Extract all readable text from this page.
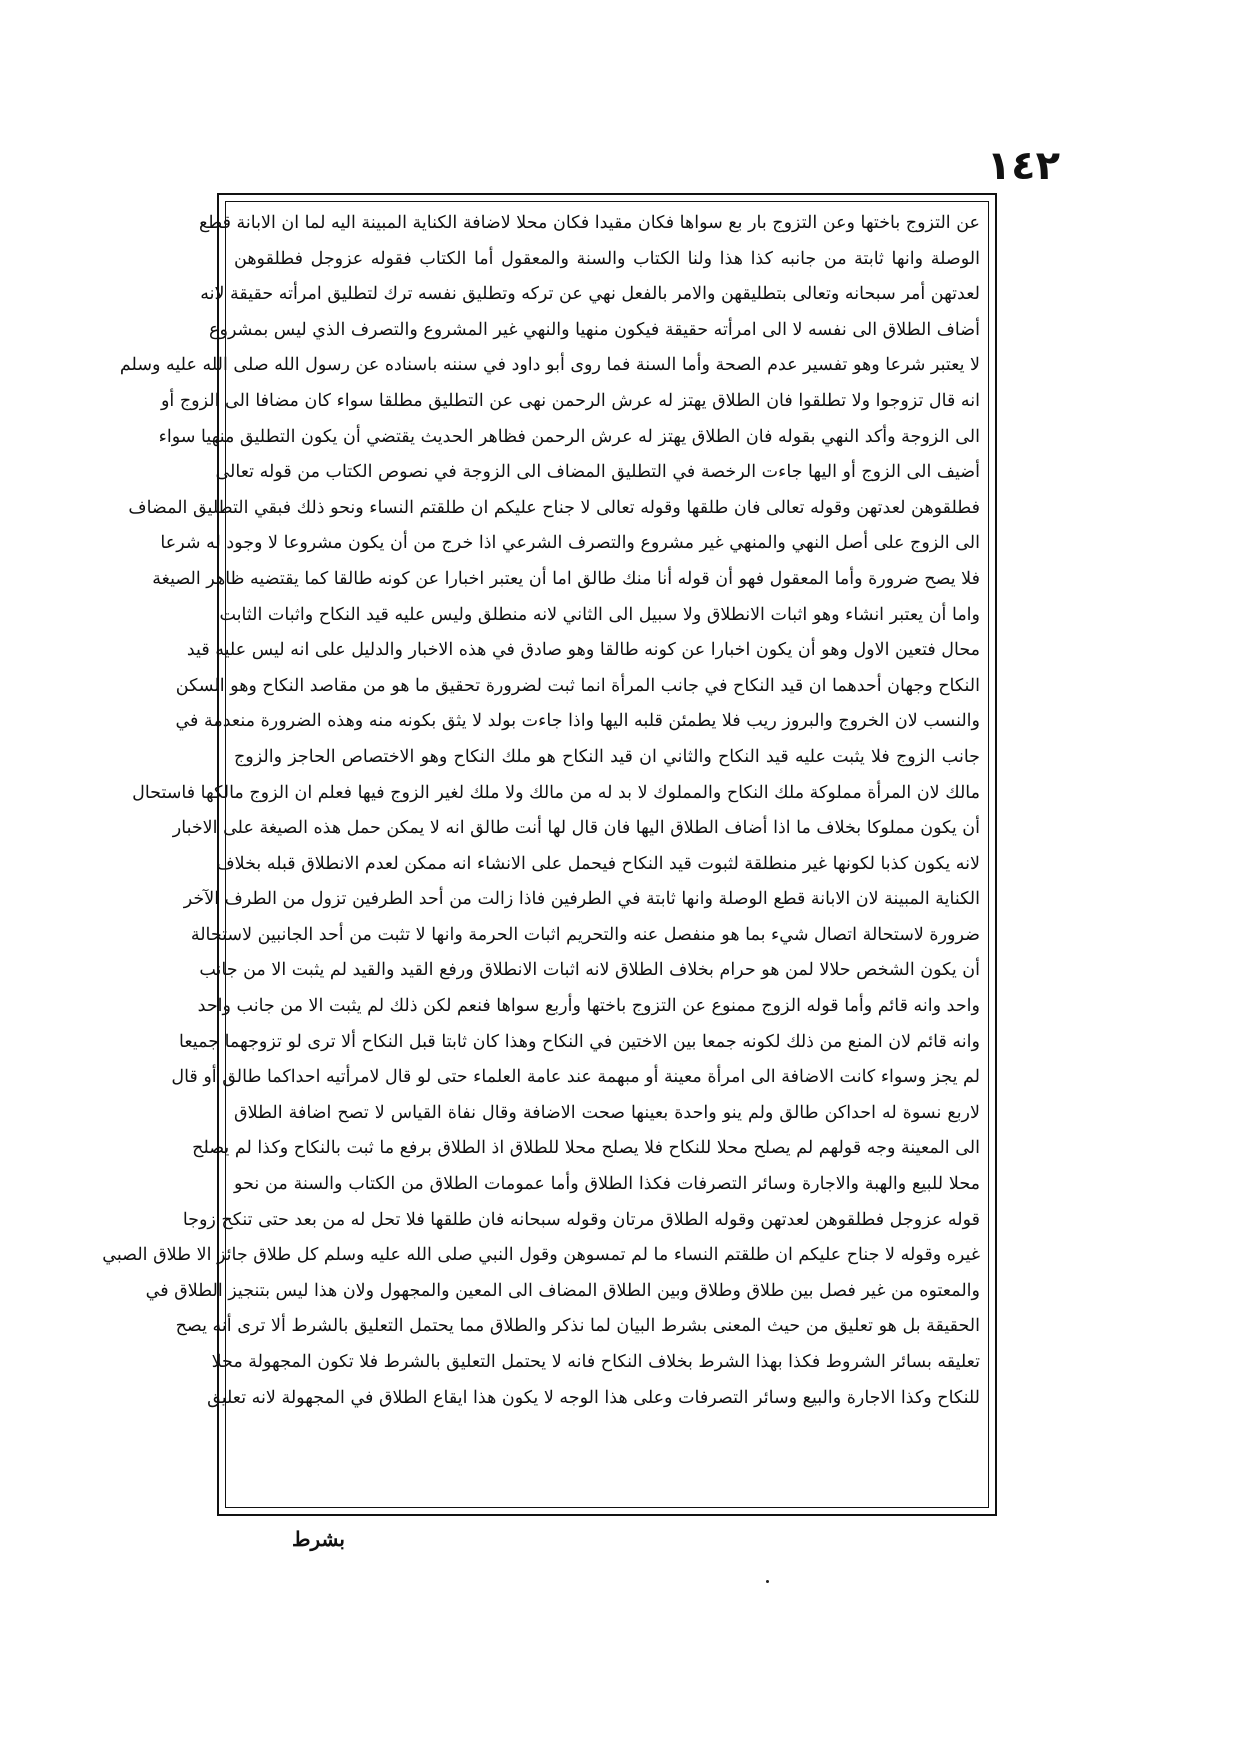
١٤٢
عن التزوج باختها وعن التزوج بار بع سواها فكان مقيدا فكان محلا لاضافة الكناية المبينة اليه لما ان الابانة قطع
الوصلة وانها ثابتة من جانبه كذا هذا ولنا الكتاب والسنة والمعقول أما الكتاب فقوله عزوجل فطلقوهن
لعدتهن أمر سبحانه وتعالى بتطليقهن والامر بالفعل نهي عن تركه وتطليق نفسه ترك لتطليق امرأته حقيقة لانه
أضاف الطلاق الى نفسه لا الى امرأته حقيقة فيكون منهيا والنهي غير المشروع والتصرف الذي ليس بمشروع
لا يعتبر شرعا وهو تفسير عدم الصحة وأما السنة فما روى أبو داود في سننه باسناده عن رسول الله صلى الله عليه وسلم
انه قال تزوجوا ولا تطلقوا فان الطلاق يهتز له عرش الرحمن نهى عن التطليق مطلقا سواء كان مضافا الى الزوج أو
الى الزوجة وأكد النهي بقوله فان الطلاق يهتز له عرش الرحمن فظاهر الحديث يقتضي أن يكون التطليق منهيا سواء
أضيف الى الزوج أو اليها جاءت الرخصة في التطليق المضاف الى الزوجة في نصوص الكتاب من قوله تعالى
فطلقوهن لعدتهن وقوله تعالى فان طلقها وقوله تعالى لا جناح عليكم ان طلقتم النساء ونحو ذلك فبقي التطليق المضاف
الى الزوج على أصل النهي والمنهي غير مشروع والتصرف الشرعي اذا خرج من أن يكون مشروعا لا وجود له شرعا
فلا يصح ضرورة وأما المعقول فهو أن قوله أنا منك طالق اما أن يعتبر اخبارا عن كونه طالقا كما يقتضيه ظاهر الصيغة
واما أن يعتبر انشاء وهو اثبات الانطلاق ولا سبيل الى الثاني لانه منطلق وليس عليه قيد النكاح واثبات الثابت
محال فتعين الاول وهو أن يكون اخبارا عن كونه طالقا وهو صادق في هذه الاخبار والدليل على انه ليس عليه قيد
النكاح وجهان أحدهما ان قيد النكاح في جانب المرأة انما ثبت لضرورة تحقيق ما هو من مقاصد النكاح وهو السكن
والنسب لان الخروج والبروز ريب فلا يطمئن قلبه اليها واذا جاءت بولد لا يثق بكونه منه وهذه الضرورة منعدمة في
جانب الزوج فلا يثبت عليه قيد النكاح والثاني ان قيد النكاح هو ملك النكاح وهو الاختصاص الحاجز والزوج
مالك لان المرأة مملوكة ملك النكاح والمملوك لا بد له من مالك ولا ملك لغير الزوج فيها فعلم ان الزوج مالكها فاستحال
أن يكون مملوكا بخلاف ما اذا أضاف الطلاق اليها فان قال لها أنت طالق انه لا يمكن حمل هذه الصيغة على الاخبار
لانه يكون كذبا لكونها غير منطلقة لثبوت قيد النكاح فيحمل على الانشاء انه ممكن لعدم الانطلاق قبله بخلاف
الكناية المبينة لان الابانة قطع الوصلة وانها ثابتة في الطرفين فاذا زالت من أحد الطرفين تزول من الطرف الآخر
ضرورة لاستحالة اتصال شيء بما هو منفصل عنه والتحريم اثبات الحرمة وانها لا تثبت من أحد الجانبين لاستحالة
أن يكون الشخص حلالا لمن هو حرام بخلاف الطلاق لانه اثبات الانطلاق ورفع القيد والقيد لم يثبت الا من جانب
واحد وانه قائم وأما قوله الزوج ممنوع عن التزوج باختها وأربع سواها فنعم لكن ذلك لم يثبت الا من جانب واحد
وانه قائم لان المنع من ذلك لكونه جمعا بين الاختين في النكاح وهذا كان ثابتا قبل النكاح ألا ترى لو تزوجهما جميعا
لم يجز وسواء كانت الاضافة الى امرأة معينة أو مبهمة عند عامة العلماء حتى لو قال لامرأتيه احداكما طالق أو قال
لاربع نسوة له احداكن طالق ولم ينو واحدة بعينها صحت الاضافة وقال نفاة القياس لا تصح اضافة الطلاق
الى المعينة وجه قولهم لم يصلح محلا للنكاح فلا يصلح محلا للطلاق اذ الطلاق برفع ما ثبت بالنكاح وكذا لم يصلح
محلا للبيع والهبة والاجارة وسائر التصرفات فكذا الطلاق وأما عمومات الطلاق من الكتاب والسنة من نحو
قوله عزوجل فطلقوهن لعدتهن وقوله الطلاق مرتان وقوله سبحانه فان طلقها فلا تحل له من بعد حتى تنكح زوجا
غيره وقوله لا جناح عليكم ان طلقتم النساء ما لم تمسوهن وقول النبي صلى الله عليه وسلم كل طلاق جائز الا طلاق الصبي
والمعتوه من غير فصل بين طلاق وطلاق وبين الطلاق المضاف الى المعين والمجهول ولان هذا ليس بتنجيز الطلاق في
الحقيقة بل هو تعليق من حيث المعنى بشرط البيان لما نذكر والطلاق مما يحتمل التعليق بالشرط ألا ترى أنه يصح
تعليقه بسائر الشروط فكذا بهذا الشرط بخلاف النكاح فانه لا يحتمل التعليق بالشرط فلا تكون المجهولة محلا
للنكاح وكذا الاجارة والبيع وسائر التصرفات وعلى هذا الوجه لا يكون هذا ايقاع الطلاق في المجهولة لانه تعليق
بشرط
